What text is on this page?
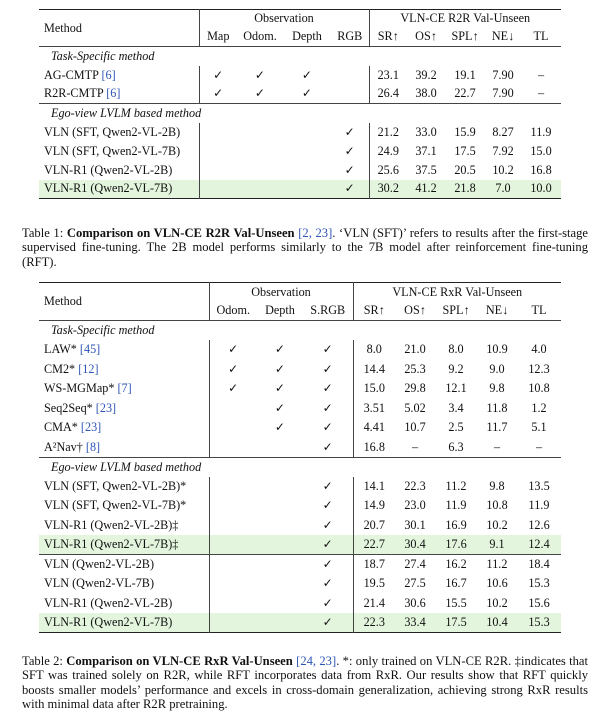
Method	Observation				VLN-CE R2R Val-Unseen				
	Map	Odom.	Depth	RGB	SR↑	OS↑	SPL↑	NE↓	TL
Task-Specific method									
AG-CMTP [6]	✓	✓	✓		23.1	39.2	19.1	7.90	–
R2R-CMTP [6]	✓	✓	✓		26.4	38.0	22.7	7.90	–
Ego-view LVLM based method									
VLN (SFT, Qwen2-VL-2B)				✓	21.2	33.0	15.9	8.27	11.9
VLN (SFT, Qwen2-VL-7B)				✓	24.9	37.1	17.5	7.92	15.0
VLN-R1 (Qwen2-VL-2B)				✓	25.6	37.5	20.5	10.2	16.8
VLN-R1 (Qwen2-VL-7B)				✓	30.2	41.2	21.8	7.0	10.0
Table 1: Comparison on VLN-CE R2R Val-Unseen [2, 23]. ‘VLN (SFT)’ refers to results after the first-stage supervised fine-tuning. The 2B model performs similarly to the 7B model after reinforcement fine-tuning (RFT).
Method	Observation			VLN-CE RxR Val-Unseen				
	Odom.	Depth	S.RGB	SR↑	OS↑	SPL↑	NE↓	TL
Task-Specific method								
LAW* [45]	✓	✓	✓	8.0	21.0	8.0	10.9	4.0
CM2* [12]	✓	✓	✓	14.4	25.3	9.2	9.0	12.3
WS-MGMap* [7]	✓	✓	✓	15.0	29.8	12.1	9.8	10.8
Seq2Seq* [23]		✓	✓	3.51	5.02	3.4	11.8	1.2
CMA* [23]		✓	✓	4.41	10.7	2.5	11.7	5.1
A²Nav† [8]			✓	16.8	–	6.3	–	–
Ego-view LVLM based method								
VLN (SFT, Qwen2-VL-2B)*			✓	14.1	22.3	11.2	9.8	13.5
VLN (SFT, Qwen2-VL-7B)*			✓	14.9	23.0	11.9	10.8	11.9
VLN-R1 (Qwen2-VL-2B)‡			✓	20.7	30.1	16.9	10.2	12.6
VLN-R1 (Qwen2-VL-7B)‡			✓	22.7	30.4	17.6	9.1	12.4
VLN (Qwen2-VL-2B)			✓	18.7	27.4	16.2	11.2	18.4
VLN (Qwen2-VL-7B)			✓	19.5	27.5	16.7	10.6	15.3
VLN-R1 (Qwen2-VL-2B)			✓	21.4	30.6	15.5	10.2	15.6
VLN-R1 (Qwen2-VL-7B)			✓	22.3	33.4	17.5	10.4	15.3
Table 2: Comparison on VLN-CE RxR Val-Unseen [24, 23]. *: only trained on VLN-CE R2R. ‡indicates that SFT was trained solely on R2R, while RFT incorporates data from RxR. Our results show that RFT quickly boosts smaller models’ performance and excels in cross-domain generalization, achieving strong RxR results with minimal data after R2R pretraining.
